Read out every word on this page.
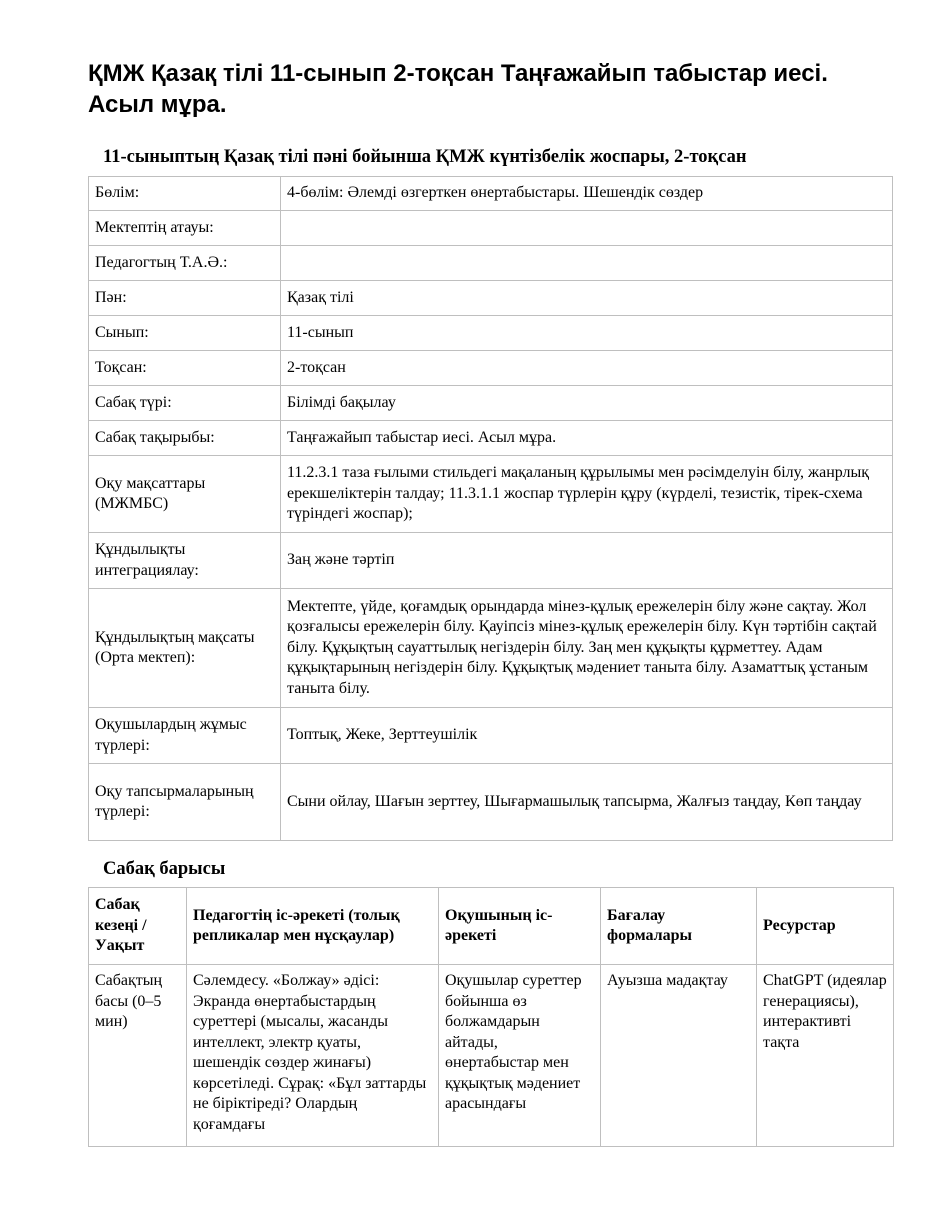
ҚМЖ Қазақ тілі 11-сынып 2-тоқсан Таңғажайып табыстар иесі. Асыл мұра.
11-сыныптың Қазақ тілі пәні бойынша ҚМЖ күнтізбелік жоспары, 2-тоқсан
Бөлім:	4-бөлім: Әлемді өзгерткен өнертабыстары. Шешендік сөздер
Мектептің атауы:	
Педагогтың Т.А.Ә.:	
Пән:	Қазақ тілі
Сынып:	11-сынып
Тоқсан:	2-тоқсан
Сабақ түрі:	Білімді бақылау
Сабақ тақырыбы:	Таңғажайып табыстар иесі. Асыл мұра.
Оқу мақсаттары (МЖМБС)	11.2.3.1 таза ғылыми стильдегі мақаланың құрылымы мен рәсімделуін білу, жанрлық ерекшеліктерін талдау; 11.3.1.1 жоспар түрлерін құру (күрделі, тезистік, тірек-схема түріндегі жоспар);
Құндылықты интеграциялау:	Заң және тәртіп
Құндылықтың мақсаты (Орта мектеп):	Мектепте, үйде, қоғамдық орындарда мінез-құлық ережелерін білу және сақтау. Жол қозғалысы ережелерін білу. Қауіпсіз мінез-құлық ережелерін білу. Күн тәртібін сақтай білу. Құқықтың сауаттылық негіздерін білу. Заң мен құқықты құрметтеу. Адам құқықтарының негіздерін білу. Құқықтық мәдениет таныта білу. Азаматтық ұстаным таныта білу.
Оқушылардың жұмыс түрлері:	Топтық, Жеке, Зерттеушілік
Оқу тапсырмаларының түрлері:	Сыни ойлау, Шағын зерттеу, Шығармашылық тапсырма, Жалғыз таңдау, Көп таңдау
Сабақ барысы
Сабақ кезеңі / Уақыт	Педагогтің іс-әрекеті (толық репликалар мен нұсқаулар)	Оқушының іс-әрекеті	Бағалау формалары	Ресурстар
Сабақтың басы (0–5 мин)	Сәлемдесу. «Болжау» әдісі: Экранда өнертабыстардың суреттері (мысалы, жасанды интеллект, электр қуаты, шешендік сөздер жинағы) көрсетіледі. Сұрақ: «Бұл заттарды не біріктіреді? Олардың қоғамдағы	Оқушылар суреттер бойынша өз болжамдарын айтады, өнертабыстар мен құқықтық мәдениет арасындағы	Ауызша мадақтау	ChatGPT (идеялар генерациясы), интерактивті тақта
